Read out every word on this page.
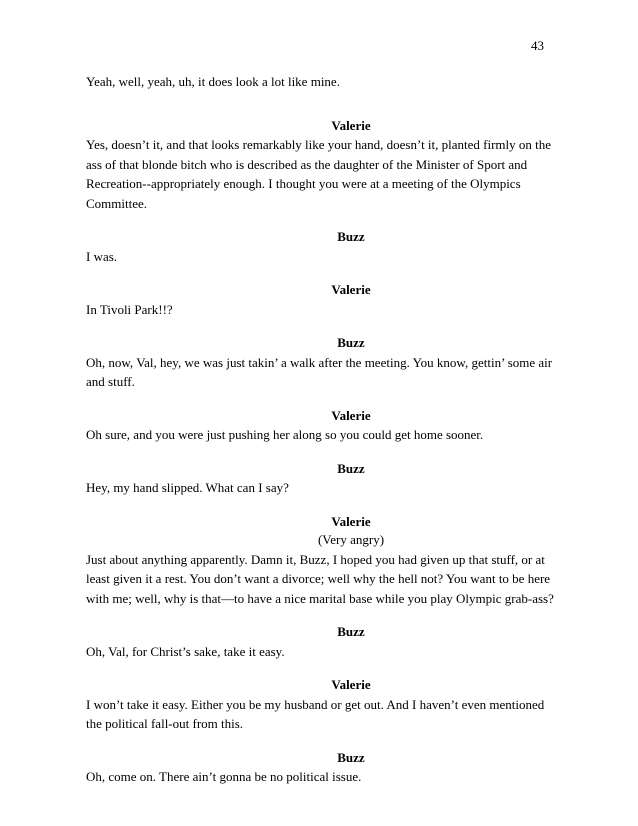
43

Yeah, well, yeah, uh, it does look a lot like mine.

Valerie

Yes, doesn’t it, and that looks remarkably like your hand, doesn’t it, planted firmly on the ass of that blonde bitch who is described as the daughter of the Minister of Sport and Recreation--appropriately enough. I thought you were at a meeting of the Olympics Committee.

Buzz

I was.

Valerie

In Tivoli Park!!?

Buzz

Oh, now, Val, hey, we was just takin’ a walk after the meeting. You know, gettin’ some air and stuff.

Valerie

Oh sure, and you were just pushing her along so you could get home sooner.

Buzz

Hey, my hand slipped. What can I say?

Valerie
(Very angry)

Just about anything apparently. Damn it, Buzz, I hoped you had given up that stuff, or at least given it a rest. You don’t want a divorce; well why the hell not? You want to be here with me; well, why is that—to have a nice marital base while you play Olympic grab-ass?

Buzz

Oh, Val, for Christ’s sake, take it easy.

Valerie

I won’t take it easy. Either you be my husband or get out. And I haven’t even mentioned the political fall-out from this.

Buzz

Oh, come on. There ain’t gonna be no political issue.
